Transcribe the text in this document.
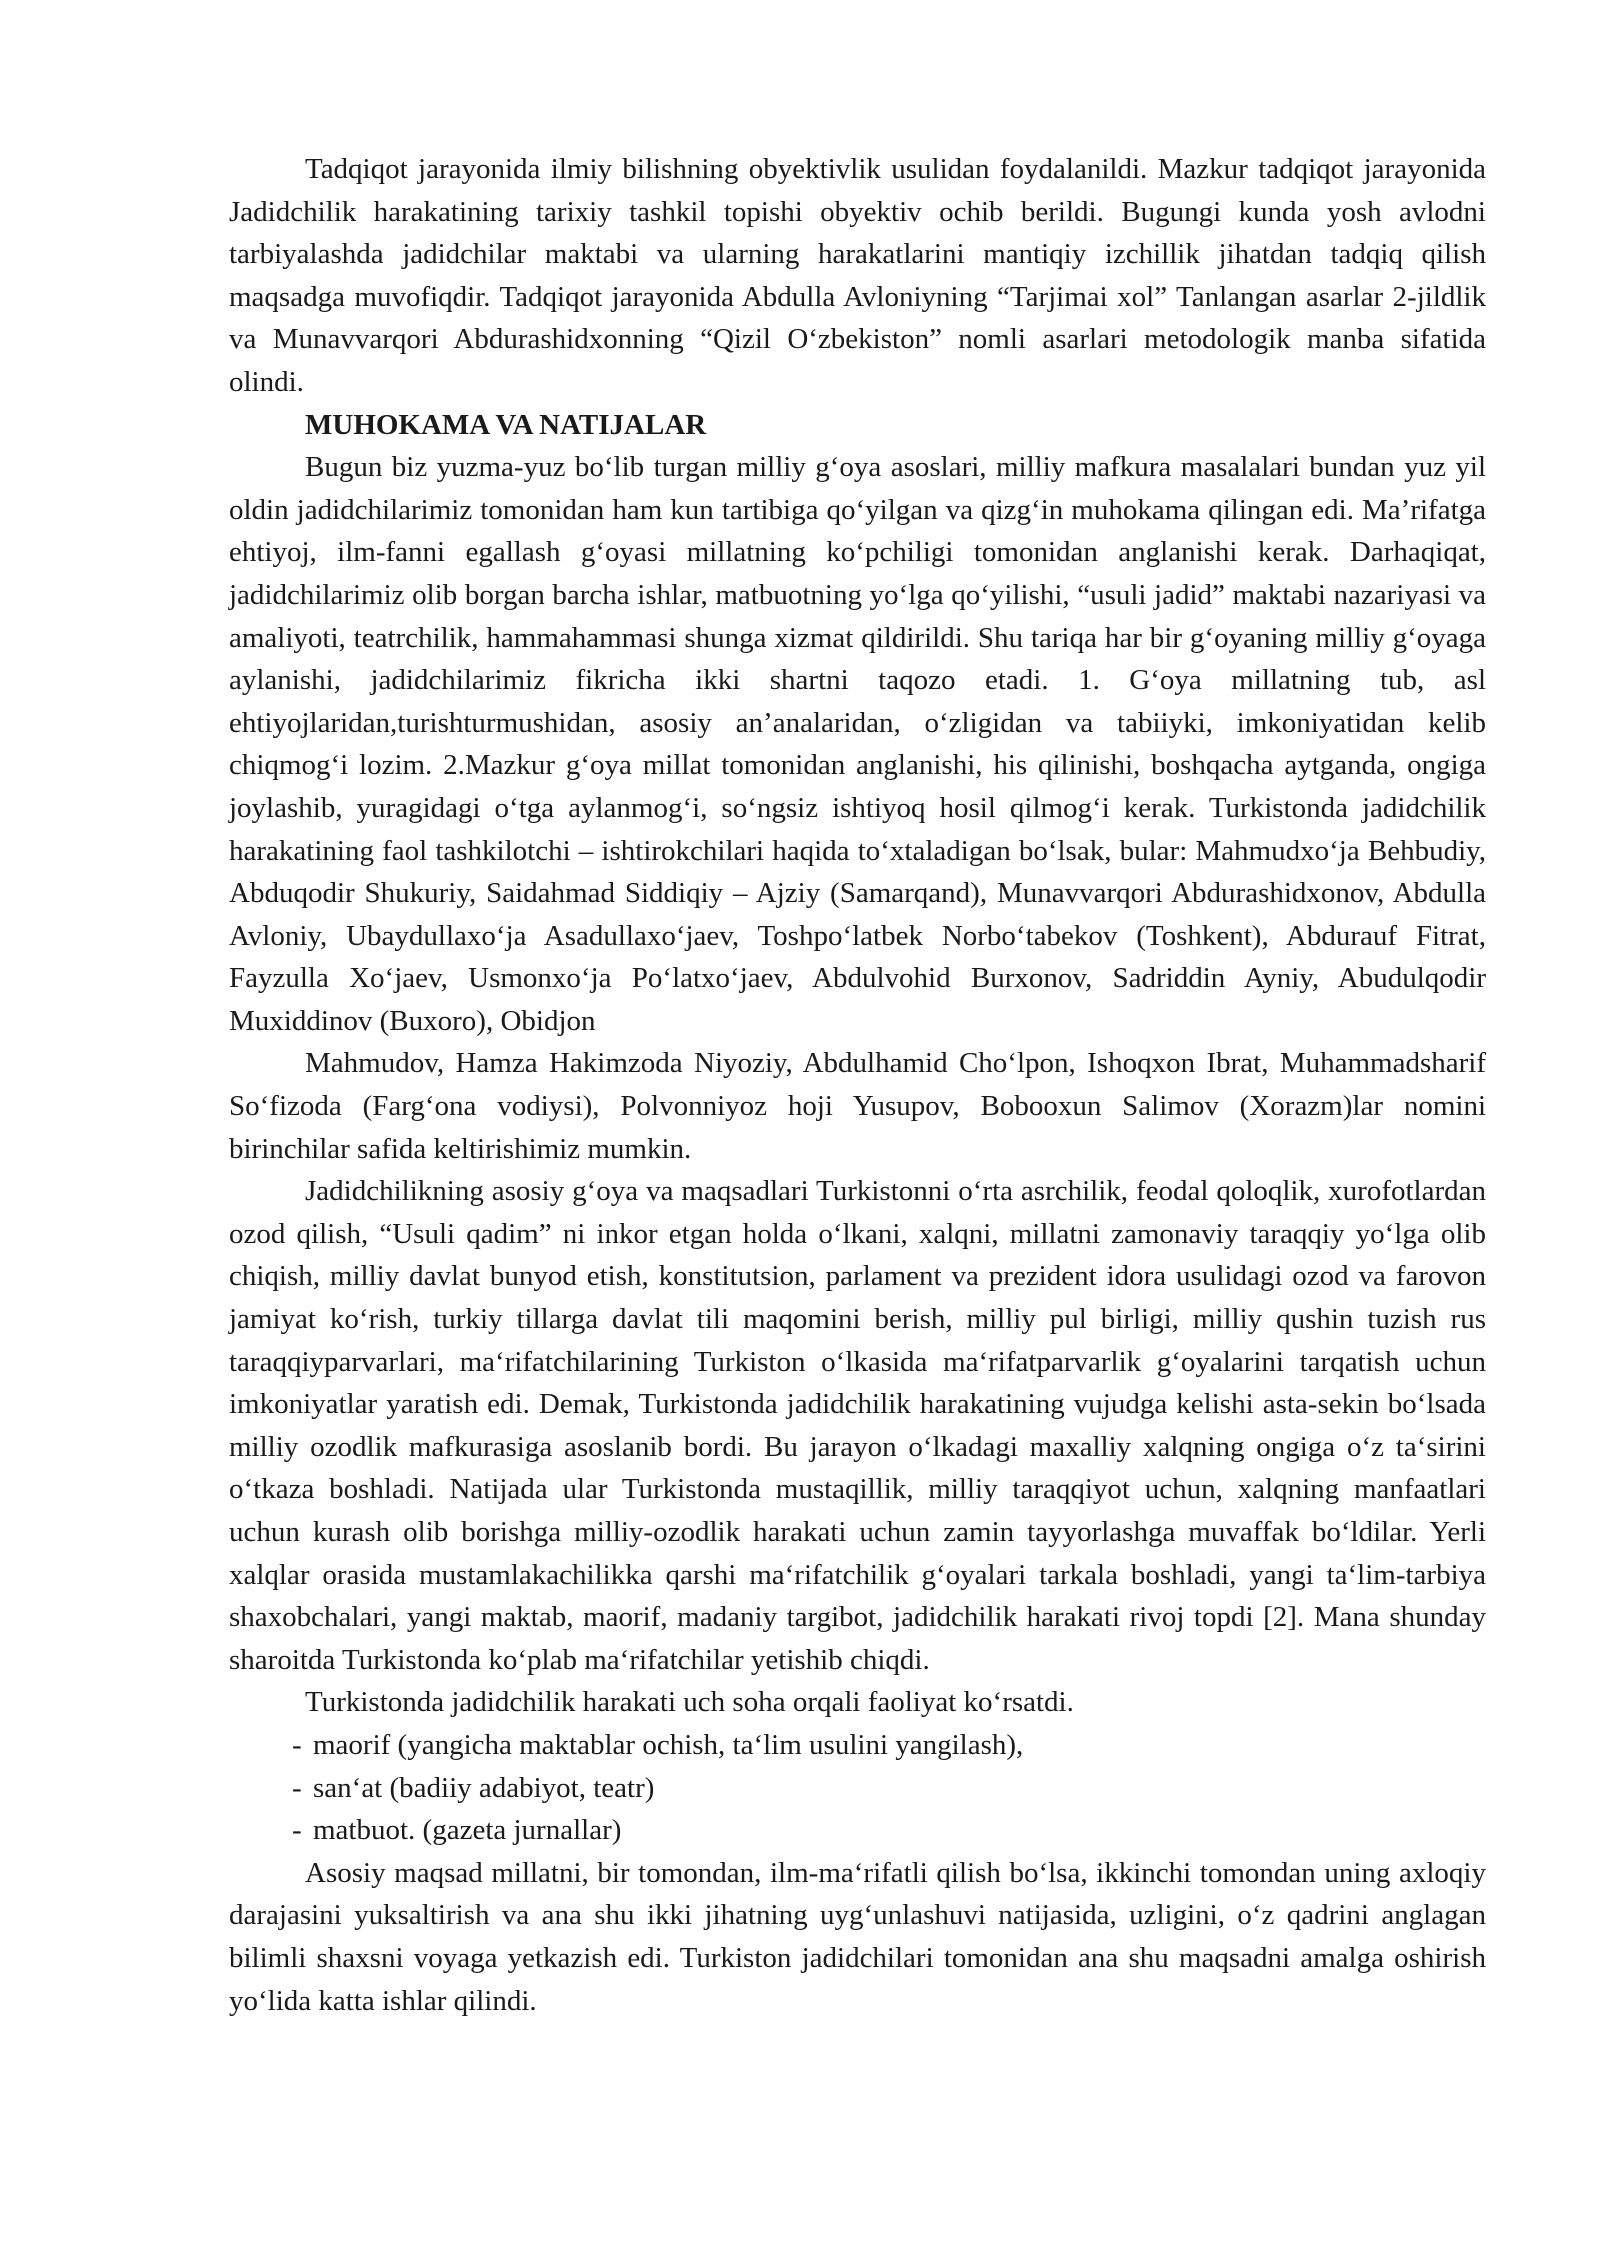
Tadqiqot jarayonida ilmiy bilishning obyektivlik usulidan foydalanildi. Mazkur tadqiqot jarayonida Jadidchilik harakatining tarixiy tashkil topishi obyektiv ochib berildi. Bugungi kunda yosh avlodni tarbiyalashda jadidchilar maktabi va ularning harakatlarini mantiqiy izchillik jihatdan tadqiq qilish maqsadga muvofiqdir. Tadqiqot jarayonida Abdulla Avloniyning “Tarjimai xol” Tanlangan asarlar 2-jildlik va Munavvarqori Abdurashidxonning “Qizil O‘zbekiston” nomli asarlari metodologik manba sifatida olindi.

MUHOKAMA VA NATIJALAR

Bugun biz yuzma-yuz bo‘lib turgan milliy g‘oya asoslari, milliy mafkura masalalari bundan yuz yil oldin jadidchilarimiz tomonidan ham kun tartibiga qo‘yilgan va qizg‘in muhokama qilingan edi. Ma’rifatga ehtiyoj, ilm-fanni egallash g‘oyasi millatning ko‘pchiligi tomonidan anglanishi kerak. Darhaqiqat, jadidchilarimiz olib borgan barcha ishlar, matbuotning yo‘lga qo‘yilishi, “usuli jadid” maktabi nazariyasi va amaliyoti, teatrchilik, hammahammasi shunga xizmat qildirildi. Shu tariqa har bir g‘oyaning milliy g‘oyaga aylanishi, jadidchilarimiz fikricha ikki shartni taqozo etadi. 1. G‘oya millatning tub, asl ehtiyojlaridan,turishturmushidan, asosiy an’analaridan, o‘zligidan va tabiiyki, imkoniyatidan kelib chiqmog‘i lozim. 2.Mazkur g‘oya millat tomonidan anglanishi, his qilinishi, boshqacha aytganda, ongiga joylashib, yuragidagi o‘tga aylanmog‘i, so‘ngsiz ishtiyoq hosil qilmog‘i kerak. Turkistonda jadidchilik harakatining faol tashkilotchi – ishtirokchilari haqida to‘xtaladigan bo‘lsak, bular: Mahmudxo‘ja Behbudiy, Abduqodir Shukuriy, Saidahmad Siddiqiy – Ajziy (Samarqand), Munavvarqori Abdurashidxonov, Abdulla Avloniy, Ubaydullaxo‘ja Asadullaxo‘jaev, Toshpo‘latbek Norbo‘tabekov (Toshkent), Abdurauf Fitrat, Fayzulla Xo‘jaev, Usmonxo‘ja Po‘latxo‘jaev, Abdulvohid Burxonov, Sadriddin Ayniy, Abudulqodir Muxiddinov (Buxoro), Obidjon

Mahmudov, Hamza Hakimzoda Niyoziy, Abdulhamid Cho‘lpon, Ishoqxon Ibrat, Muhammadsharif So‘fizoda (Farg‘ona vodiysi), Polvonniyoz hoji Yusupov, Bobooxun Salimov (Xorazm)lar nomini birinchilar safida keltirishimiz mumkin.

Jadidchilikning asosiy g‘oya va maqsadlari Turkistonni o‘rta asrchilik, feodal qoloqlik, xurofotlardan ozod qilish, “Usuli qadim” ni inkor etgan holda o‘lkani, xalqni, millatni zamonaviy taraqqiy yo‘lga olib chiqish, milliy davlat bunyod etish, konstitutsion, parlament va prezident idora usulidagi ozod va farovon jamiyat ko‘rish, turkiy tillarga davlat tili maqomini berish, milliy pul birligi, milliy qushin tuzish rus taraqqiyparvarlari, ma‘rifatchilarining Turkiston o‘lkasida ma‘rifatparvarlik g‘oyalarini tarqatish uchun imkoniyatlar yaratish edi. Demak, Turkistonda jadidchilik harakatining vujudga kelishi asta-sekin bo‘lsada milliy ozodlik mafkurasiga asoslanib bordi. Bu jarayon o‘lkadagi maxalliy xalqning ongiga o‘z ta‘sirini o‘tkaza boshladi. Natijada ular Turkistonda mustaqillik, milliy taraqqiyot uchun, xalqning manfaatlari uchun kurash olib borishga milliy-ozodlik harakati uchun zamin tayyorlashga muvaffak bo‘ldilar. Yerli xalqlar orasida mustamlakachilikka qarshi ma‘rifatchilik g‘oyalari tarkala boshladi, yangi ta‘lim-tarbiya shaxobchalari, yangi maktab, maorif, madaniy targibot, jadidchilik harakati rivoj topdi [2]. Mana shunday sharoitda Turkistonda ko‘plab ma‘rifatchilar yetishib chiqdi.

Turkistonda jadidchilik harakati uch soha orqali faoliyat ko‘rsatdi.

- maorif (yangicha maktablar ochish, ta‘lim usulini yangilash),
- san‘at (badiiy adabiyot, teatr)
- matbuot. (gazeta jurnallar)

Asosiy maqsad millatni, bir tomondan, ilm-ma‘rifatli qilish bo‘lsa, ikkinchi tomondan uning axloqiy darajasini yuksaltirish va ana shu ikki jihatning uyg‘unlashuvi natijasida, uzligini, o‘z qadrini anglagan bilimli shaxsni voyaga yetkazish edi. Turkiston jadidchilari tomonidan ana shu maqsadni amalga oshirish yo‘lida katta ishlar qilindi.
